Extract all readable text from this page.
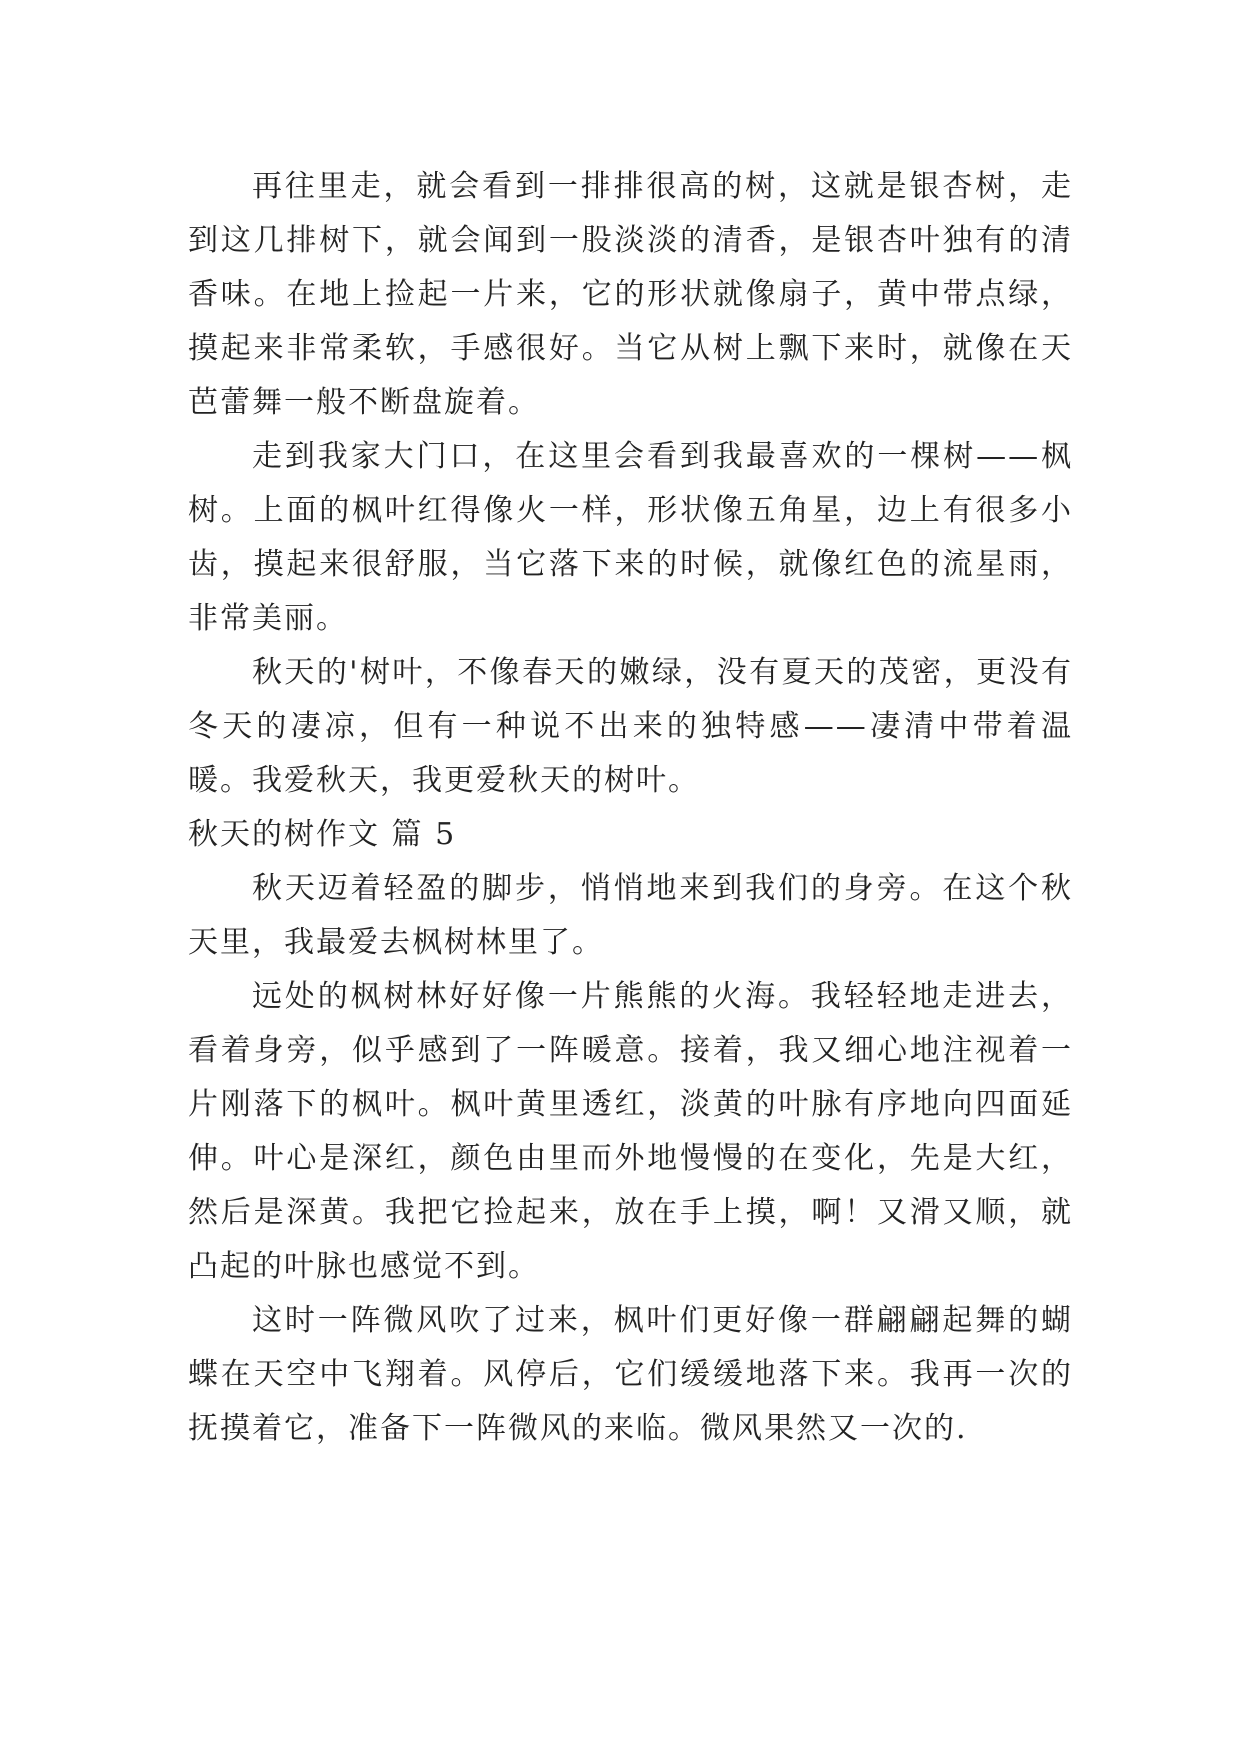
再往里走，就会看到一排排很高的树，这就是银杏树，走到这几排树下，就会闻到一股淡淡的清香，是银杏叶独有的清香味。在地上捡起一片来，它的形状就像扇子，黄中带点绿，摸起来非常柔软，手感很好。当它从树上飘下来时，就像在天芭蕾舞一般不断盘旋着。

走到我家大门口，在这里会看到我最喜欢的一棵树——枫树。上面的枫叶红得像火一样，形状像五角星，边上有很多小齿，摸起来很舒服，当它落下来的时候，就像红色的流星雨，非常美丽。

秋天的'树叶，不像春天的嫩绿，没有夏天的茂密，更没有冬天的凄凉，但有一种说不出来的独特感——凄清中带着温暖。我爱秋天，我更爱秋天的树叶。

秋天的树作文 篇 5

秋天迈着轻盈的脚步，悄悄地来到我们的身旁。在这个秋天里，我最爱去枫树林里了。

远处的枫树林好好像一片熊熊的火海。我轻轻地走进去，看着身旁，似乎感到了一阵暖意。接着，我又细心地注视着一片刚落下的枫叶。枫叶黄里透红，淡黄的叶脉有序地向四面延伸。叶心是深红，颜色由里而外地慢慢的在变化，先是大红，然后是深黄。我把它捡起来，放在手上摸，啊！又滑又顺，就凸起的叶脉也感觉不到。

这时一阵微风吹了过来，枫叶们更好像一群翩翩起舞的蝴蝶在天空中飞翔着。风停后，它们缓缓地落下来。我再一次的抚摸着它，准备下一阵微风的来临。微风果然又一次的.
